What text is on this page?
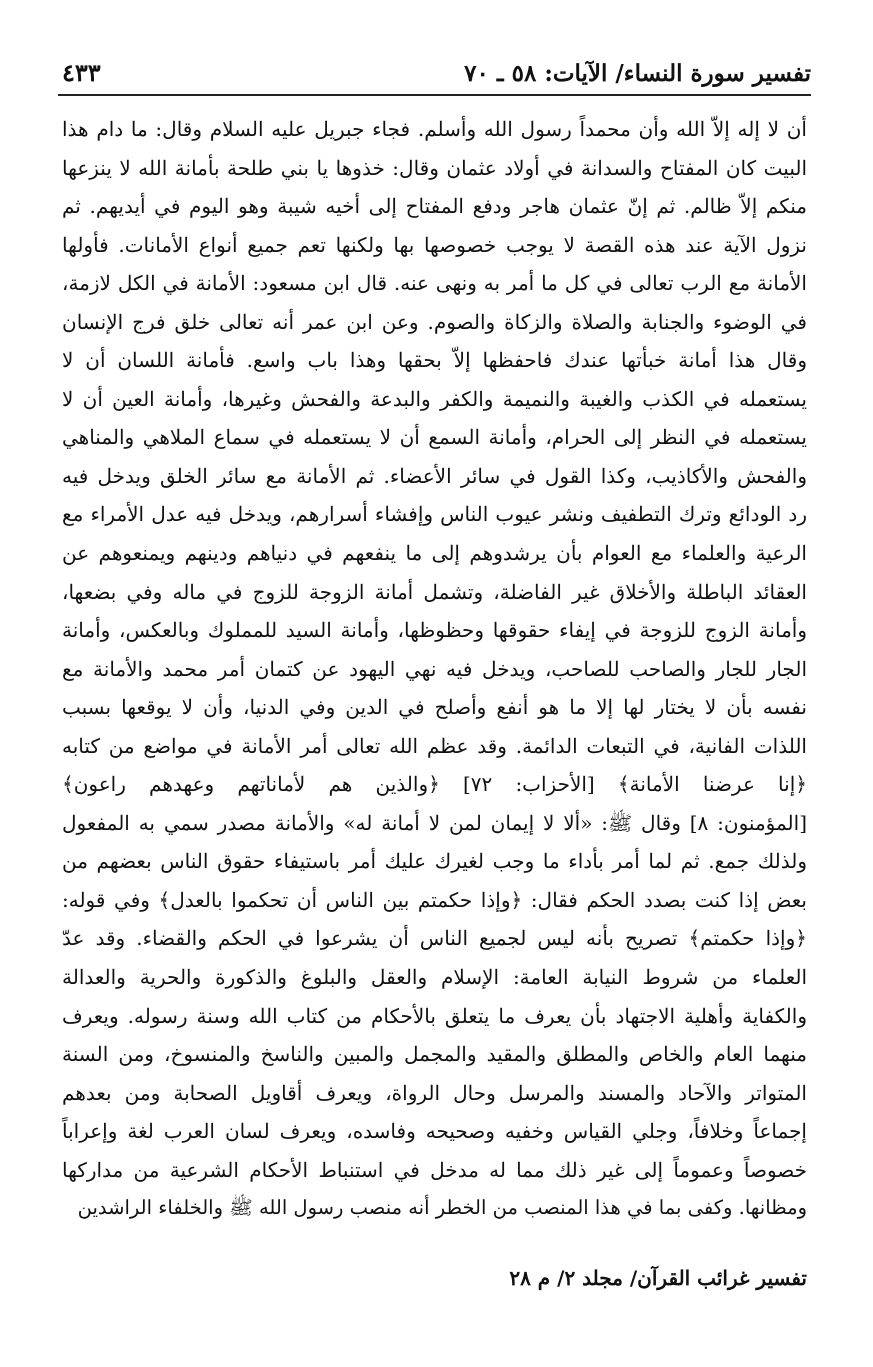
تفسير سورة النساء/ الآيات: ٥٨ ـ ٧٠
٤٣٣
أن لا إله إلاّ الله وأن محمداً رسول الله وأسلم. فجاء جبريل عليه السلام وقال: ما دام هذا
البيت كان المفتاح والسدانة في أولاد عثمان وقال: خذوها يا بني طلحة بأمانة الله لا ينزعها
منكم إلاّ ظالم. ثم إنّ عثمان هاجر ودفع المفتاح إلى أخيه شيبة وهو اليوم في أيديهم. ثم
نزول الآية عند هذه القصة لا يوجب خصوصها بها ولكنها تعم جميع أنواع الأمانات. فأولها
الأمانة مع الرب تعالى في كل ما أمر به ونهى عنه. قال ابن مسعود: الأمانة في الكل لازمة،
في الوضوء والجنابة والصلاة والزكاة والصوم. وعن ابن عمر أنه تعالى خلق فرج الإنسان
وقال هذا أمانة خبأتها عندك فاحفظها إلاّ بحقها وهذا باب واسع. فأمانة اللسان أن لا
يستعمله في الكذب والغيبة والنميمة والكفر والبدعة والفحش وغيرها، وأمانة العين أن لا
يستعمله في النظر إلى الحرام، وأمانة السمع أن لا يستعمله في سماع الملاهي والمناهي
والفحش والأكاذيب، وكذا القول في سائر الأعضاء. ثم الأمانة مع سائر الخلق ويدخل فيه
رد الودائع وترك التطفيف ونشر عيوب الناس وإفشاء أسرارهم، ويدخل فيه عدل الأمراء مع
الرعية والعلماء مع العوام بأن يرشدوهم إلى ما ينفعهم في دنياهم ودينهم ويمنعوهم عن
العقائد الباطلة والأخلاق غير الفاضلة، وتشمل أمانة الزوجة للزوج في ماله وفي بضعها،
وأمانة الزوج للزوجة في إيفاء حقوقها وحظوظها، وأمانة السيد للمملوك وبالعكس، وأمانة
الجار للجار والصاحب للصاحب، ويدخل فيه نهي اليهود عن كتمان أمر محمد والأمانة مع
نفسه بأن لا يختار لها إلا ما هو أنفع وأصلح في الدين وفي الدنيا، وأن لا يوقعها بسبب
اللذات الفانية، في التبعات الدائمة. وقد عظم الله تعالى أمر الأمانة في مواضع من كتابه
﴿إنا عرضنا الأمانة﴾ [الأحزاب: ٧٢] ﴿والذين هم لأماناتهم وعهدهم راعون﴾
[المؤمنون: ٨] وقال ﷺ: «ألا لا إيمان لمن لا أمانة له» والأمانة مصدر سمي به المفعول
ولذلك جمع. ثم لما أمر بأداء ما وجب لغيرك عليك أمر باستيفاء حقوق الناس بعضهم من
بعض إذا كنت بصدد الحكم فقال: ﴿وإذا حكمتم بين الناس أن تحكموا بالعدل﴾ وفي قوله:
﴿وإذا حكمتم﴾ تصريح بأنه ليس لجميع الناس أن يشرعوا في الحكم والقضاء. وقد عدّ
العلماء من شروط النيابة العامة: الإسلام والعقل والبلوغ والذكورة والحرية والعدالة
والكفاية وأهلية الاجتهاد بأن يعرف ما يتعلق بالأحكام من كتاب الله وسنة رسوله. ويعرف
منهما العام والخاص والمطلق والمقيد والمجمل والمبين والناسخ والمنسوخ، ومن السنة
المتواتر والآحاد والمسند والمرسل وحال الرواة، ويعرف أقاويل الصحابة ومن بعدهم
إجماعاً وخلافاً، وجلي القياس وخفيه وصحيحه وفاسده، ويعرف لسان العرب لغة وإعراباً
خصوصاً وعموماً إلى غير ذلك مما له مدخل في استنباط الأحكام الشرعية من مداركها
ومظانها. وكفى بما في هذا المنصب من الخطر أنه منصب رسول الله ﷺ والخلفاء الراشدين
تفسير غرائب القرآن/ مجلد ٢/ م ٢٨
